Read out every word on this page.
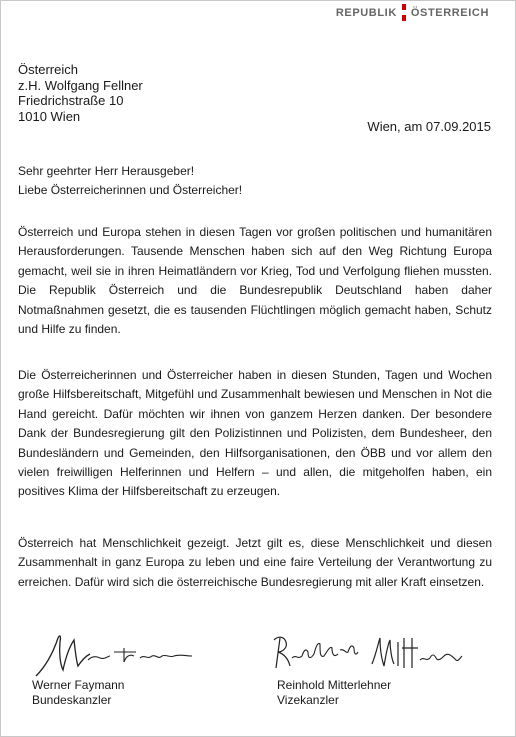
REPUBLIK ÖSTERREICH
Österreich
z.H. Wolfgang Fellner
Friedrichstraße 10
1010 Wien
Wien, am 07.09.2015
Sehr geehrter Herr Herausgeber!
Liebe Österreicherinnen und Österreicher!

Österreich und Europa stehen in diesen Tagen vor großen politischen und humanitären Herausforderungen. Tausende Menschen haben sich auf den Weg Richtung Europa gemacht, weil sie in ihren Heimatländern vor Krieg, Tod und Verfolgung fliehen mussten. Die Republik Österreich und die Bundesrepublik Deutschland haben daher Notmaßnahmen gesetzt, die es tausenden Flüchtlingen möglich gemacht haben, Schutz und Hilfe zu finden.

Die Österreicherinnen und Österreicher haben in diesen Stunden, Tagen und Wochen große Hilfsbereitschaft, Mitgefühl und Zusammenhalt bewiesen und Menschen in Not die Hand gereicht. Dafür möchten wir ihnen von ganzem Herzen danken. Der besondere Dank der Bundesregierung gilt den Polizistinnen und Polizisten, dem Bundesheer, den Bundesländern und Gemeinden, den Hilfsorganisationen, den ÖBB und vor allem den vielen freiwilligen Helferinnen und Helfern – und allen, die mitgeholfen haben, ein positives Klima der Hilfsbereitschaft zu erzeugen.

Österreich hat Menschlichkeit gezeigt. Jetzt gilt es, diese Menschlichkeit und diesen Zusammenhalt in ganz Europa zu leben und eine faire Verteilung der Verantwortung zu erreichen. Dafür wird sich die österreichische Bundesregierung mit aller Kraft einsetzen.

Werner Faymann
Bundeskanzler
Reinhold Mitterlehner
Vizekanzler
